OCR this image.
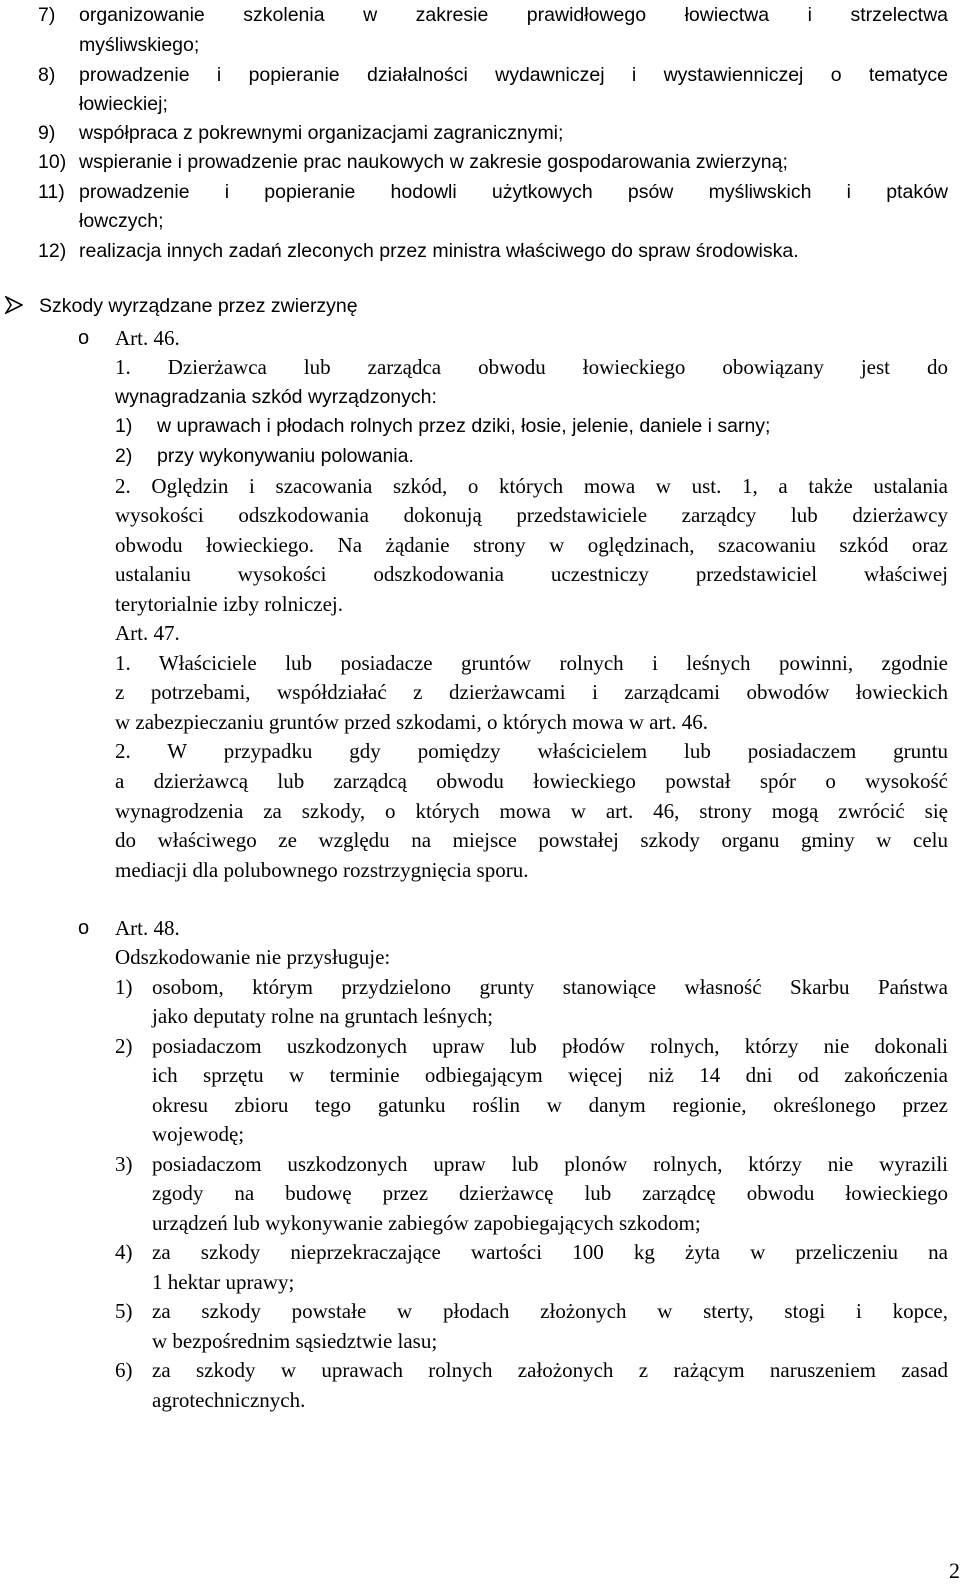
7) organizowanie szkolenia w zakresie prawidłowego łowiectwa i strzelectwa
myśliwskiego;
8) prowadzenie i popieranie działalności wydawniczej i wystawienniczej o tematyce
łowieckiej;
9) współpraca z pokrewnymi organizacjami zagranicznymi;
10) wspieranie i prowadzenie prac naukowych w zakresie gospodarowania zwierzyną;
11) prowadzenie i popieranie hodowli użytkowych psów myśliwskich i ptaków
łowczych;
12) realizacja innych zadań zleconych przez ministra właściwego do spraw środowiska.
Szkody wyrządzane przez zwierzynę
o Art. 46.
1. Dzierżawca lub zarządca obwodu łowieckiego obowiązany jest do
wynagradzania szkód wyrządzonych:
1) w uprawach i płodach rolnych przez dziki, łosie, jelenie, daniele i sarny;
2) przy wykonywaniu polowania.
2. Oględzin i szacowania szkód, o których mowa w ust. 1, a także ustalania
wysokości odszkodowania dokonują przedstawiciele zarządcy lub dzierżawcy
obwodu łowieckiego. Na żądanie strony w oględzinach, szacowaniu szkód oraz
ustalaniu wysokości odszkodowania uczestniczy przedstawiciel właściwej
terytorialnie izby rolniczej.
Art. 47.
1. Właściciele lub posiadacze gruntów rolnych i leśnych powinni, zgodnie
z potrzebami, współdziałać z dzierżawcami i zarządcami obwodów łowieckich
w zabezpieczaniu gruntów przed szkodami, o których mowa w art. 46.
2. W przypadku gdy pomiędzy właścicielem lub posiadaczem gruntu
a dzierżawcą lub zarządcą obwodu łowieckiego powstał spór o wysokość
wynagrodzenia za szkody, o których mowa w art. 46, strony mogą zwrócić się
do właściwego ze względu na miejsce powstałej szkody organu gminy w celu
mediacji dla polubownego rozstrzygnięcia sporu.
o Art. 48.
Odszkodowanie nie przysługuje:
1) osobom, którym przydzielono grunty stanowiące własność Skarbu Państwa
jako deputaty rolne na gruntach leśnych;
2) posiadaczom uszkodzonych upraw lub płodów rolnych, którzy nie dokonali
ich sprzętu w terminie odbiegającym więcej niż 14 dni od zakończenia
okresu zbioru tego gatunku roślin w danym regionie, określonego przez
wojewodę;
3) posiadaczom uszkodzonych upraw lub plonów rolnych, którzy nie wyrazili
zgody na budowę przez dzierżawcę lub zarządcę obwodu łowieckiego
urządzeń lub wykonywanie zabiegów zapobiegających szkodom;
4) za szkody nieprzekraczające wartości 100 kg żyta w przeliczeniu na
1 hektar uprawy;
5) za szkody powstałe w płodach złożonych w sterty, stogi i kopce,
w bezpośrednim sąsiedztwie lasu;
6) za szkody w uprawach rolnych założonych z rażącym naruszeniem zasad
agrotechnicznych.
2
